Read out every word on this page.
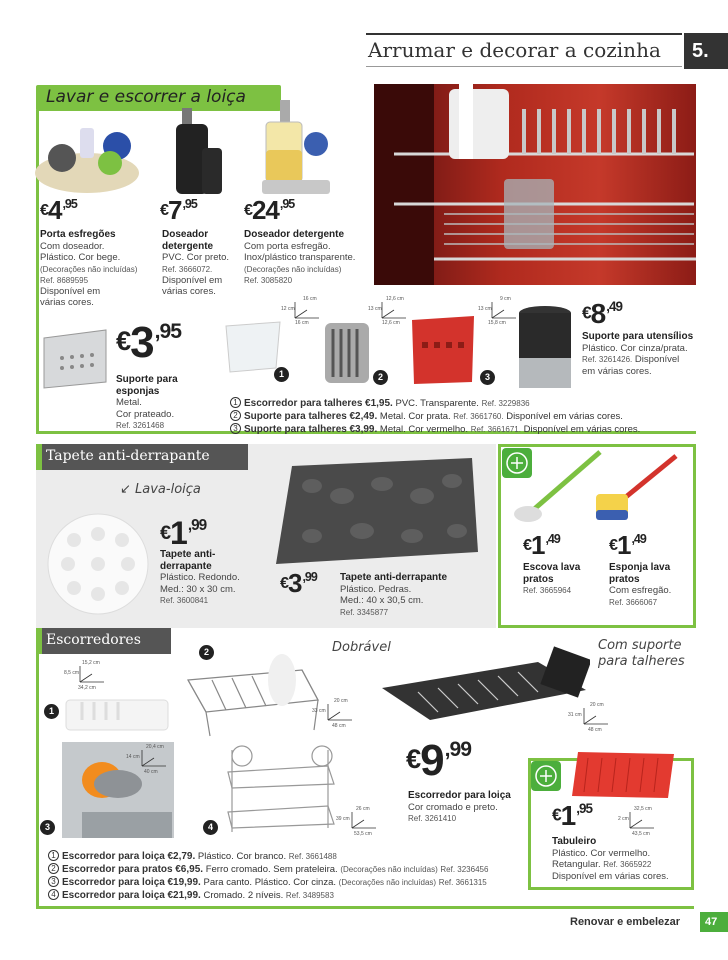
Arrumar e decorar a cozinha	5.
Lavar e escorrer a loiça
$€4^{,95}$
Porta esfregões
Com doseador.
Plástico. Cor bege.
(Decorações não incluídas)
Ref. 8689595
Disponível em
várias cores.
$€7^{,95}$
Doseador detergente
PVC. Cor preto.
Ref. 3666072.
Disponível em
várias cores.
$€24^{,95}$
Doseador detergente
Com porta esfregão.
Inox/plástico transparente.
(Decorações não incluídas)
Ref. 3085820
$€3^{,95}$
Suporte para esponjas
Metal.
Cor prateado.
Ref. 3261468
1	2	3
16 cm
12 cm
16 cm
12,6 cm
13 cm
12,6 cm
9 cm
13 cm
15,8 cm
$€8^{,49}$
Suporte para utensílios
Plástico. Cor cinza/prata.
Ref. 3261426. Disponível
em várias cores.
1 Escorredor para talheres €1,95. PVC. Transparente. Ref. 3229836
2 Suporte para talheres €2,49. Metal. Cor prata. Ref. 3661760. Disponível em várias cores.
3 Suporte para talheres €3,99. Metal. Cor vermelho. Ref. 3661671. Disponível em várias cores.
Tapete anti-derrapante
↙ Lava-loiça
$€1^{,99}$
Tapete anti-derrapante
Plástico. Redondo.
Med.: 30 x 30 cm.
Ref. 3600841
$€3^{,99}$ Tapete anti-derrapante
Plástico. Pedras.
Med.: 40 x 30,5 cm.
Ref. 3345877
$€1^{,49}$
Escova lava pratos
Ref. 3665964
$€1^{,49}$
Esponja lava pratos
Com esfregão.
Ref. 3666067
Escorredores	Dobrável	Com suporte
para talheres
1
2
3	4
$€9^{,99}$
Escorredor para loiça
Cor cromado e preto.
Ref. 3261410	$€1^{,95}$
Tabuleiro
Plástico. Cor vermelho.
Retangular. Ref. 3665922
Disponível em várias cores.
15,2 cm
8,5 cm
34,2 cm
20 cm
33 cm
48 cm
20,4 cm
14 cm
40 cm
26 cm
39 cm
53,5 cm
20 cm
31 cm
48 cm
32,5 cm
2 cm
43,5 cm
1 Escorredor para loiça €2,79. Plástico. Cor branco. Ref. 3661488
2 Escorredor para pratos €6,95. Ferro cromado. Sem prateleira. (Decorações não incluídas) Ref. 3236456
3 Escorredor para loiça €19,99. Para canto. Plástico. Cor cinza. (Decorações não incluídas) Ref. 3661315
4 Escorredor para loiça €21,99. Cromado. 2 níveis. Ref. 3489583
Renovar e embelezar	47
